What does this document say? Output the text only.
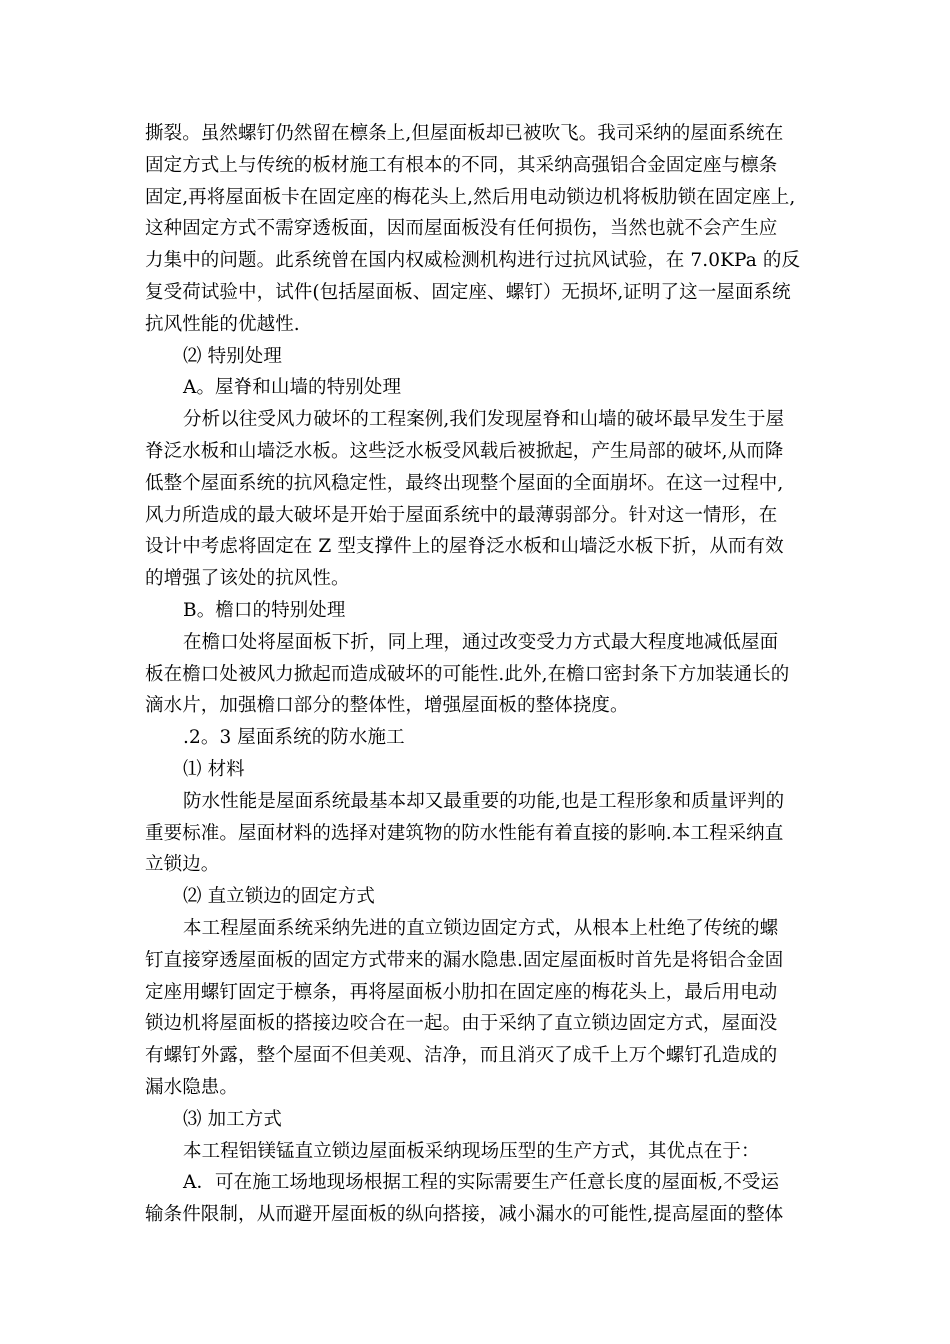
撕裂。虽然螺钉仍然留在檩条上,但屋面板却已被吹飞。我司采纳的屋面系统在
固定方式上与传统的板材施工有根本的不同，其采纳高强铝合金固定座与檩条
固定,再将屋面板卡在固定座的梅花头上,然后用电动锁边机将板肋锁在固定座上,
这种固定方式不需穿透板面，因而屋面板没有任何损伤，当然也就不会产生应
力集中的问题。此系统曾在国内权威检测机构进行过抗风试验，在 7.0KPa 的反
复受荷试验中，试件(包括屋面板、固定座、螺钉）无损坏,证明了这一屋面系统
抗风性能的优越性.
⑵ 特别处理
A。屋脊和山墙的特别处理
分析以往受风力破坏的工程案例,我们发现屋脊和山墙的破坏最早发生于屋
脊泛水板和山墙泛水板。这些泛水板受风载后被掀起，产生局部的破坏,从而降
低整个屋面系统的抗风稳定性，最终出现整个屋面的全面崩坏。在这一过程中,
风力所造成的最大破坏是开始于屋面系统中的最薄弱部分。针对这一情形，在
设计中考虑将固定在 Z 型支撑件上的屋脊泛水板和山墙泛水板下折，从而有效
的增强了该处的抗风性。
B。檐口的特别处理
在檐口处将屋面板下折，同上理，通过改变受力方式最大程度地减低屋面
板在檐口处被风力掀起而造成破坏的可能性.此外,在檐口密封条下方加装通长的
滴水片，加强檐口部分的整体性，增强屋面板的整体挠度。
.2。3 屋面系统的防水施工
⑴ 材料
防水性能是屋面系统最基本却又最重要的功能,也是工程形象和质量评判的
重要标准。屋面材料的选择对建筑物的防水性能有着直接的影响.本工程采纳直
立锁边。
⑵ 直立锁边的固定方式
本工程屋面系统采纳先进的直立锁边固定方式，从根本上杜绝了传统的螺
钉直接穿透屋面板的固定方式带来的漏水隐患.固定屋面板时首先是将铝合金固
定座用螺钉固定于檩条，再将屋面板小肋扣在固定座的梅花头上，最后用电动
锁边机将屋面板的搭接边咬合在一起。由于采纳了直立锁边固定方式，屋面没
有螺钉外露，整个屋面不但美观、洁净，而且消灭了成千上万个螺钉孔造成的
漏水隐患。
⑶ 加工方式
本工程铝镁锰直立锁边屋面板采纳现场压型的生产方式，其优点在于：
A．可在施工场地现场根据工程的实际需要生产任意长度的屋面板,不受运
输条件限制，从而避开屋面板的纵向搭接，减小漏水的可能性,提高屋面的整体
